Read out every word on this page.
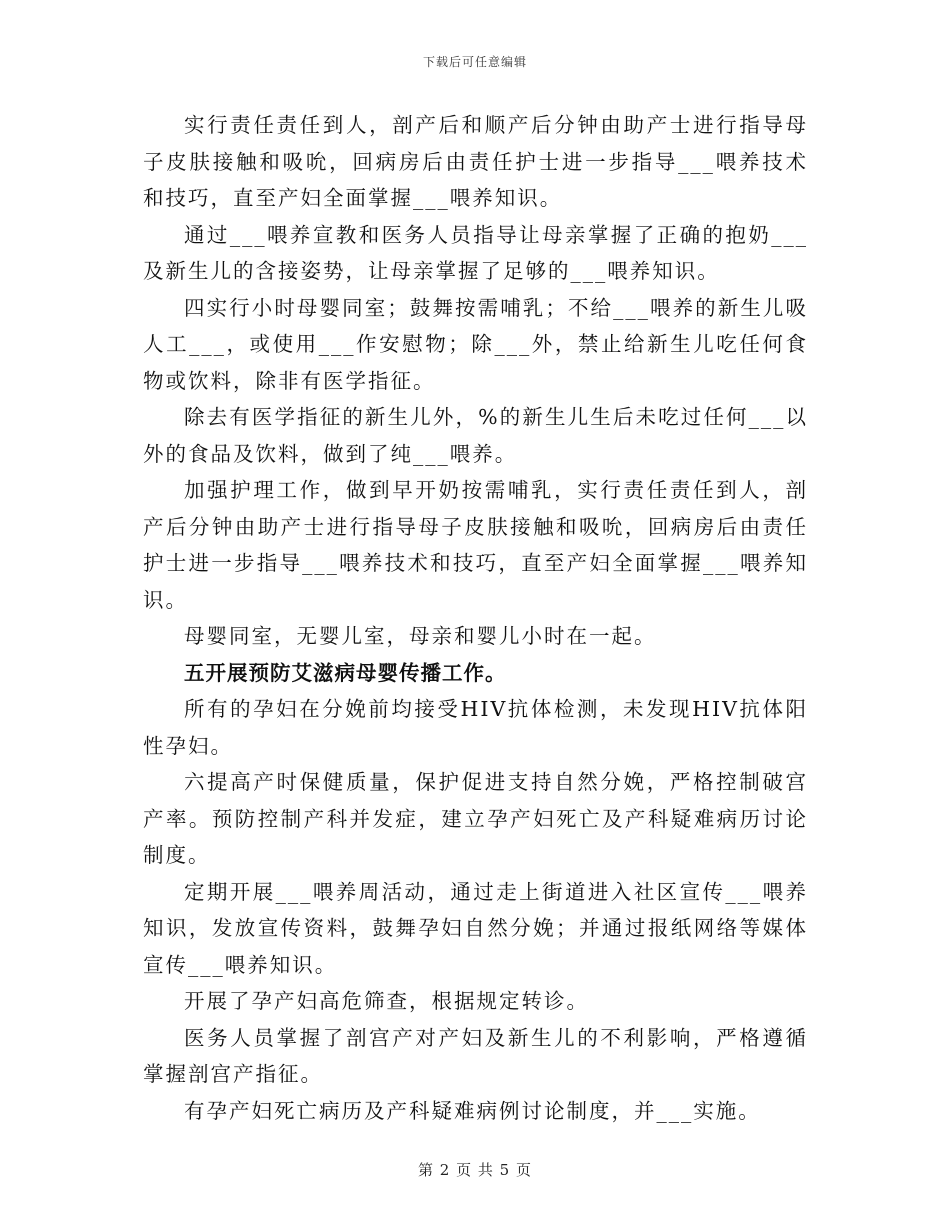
下载后可任意编辑

实行责任责任到人，剖产后和顺产后分钟由助产士进行指导母子皮肤接触和吸吮，回病房后由责任护士进一步指导___喂养技术和技巧，直至产妇全面掌握___喂养知识。

通过___喂养宣教和医务人员指导让母亲掌握了正确的抱奶___及新生儿的含接姿势，让母亲掌握了足够的___喂养知识。

四实行小时母婴同室；鼓舞按需哺乳；不给___喂养的新生儿吸人工___，或使用___作安慰物；除___外，禁止给新生儿吃任何食物或饮料，除非有医学指征。

除去有医学指征的新生儿外，%的新生儿生后未吃过任何___以外的食品及饮料，做到了纯___喂养。

加强护理工作，做到早开奶按需哺乳，实行责任责任到人，剖产后分钟由助产士进行指导母子皮肤接触和吸吮，回病房后由责任护士进一步指导___喂养技术和技巧，直至产妇全面掌握___喂养知识。

母婴同室，无婴儿室，母亲和婴儿小时在一起。

五开展预防艾滋病母婴传播工作。

所有的孕妇在分娩前均接受HIV抗体检测，未发现HIV抗体阳性孕妇。

六提高产时保健质量，保护促进支持自然分娩，严格控制破宫产率。预防控制产科并发症，建立孕产妇死亡及产科疑难病历讨论制度。

定期开展___喂养周活动，通过走上街道进入社区宣传___喂养知识，发放宣传资料，鼓舞孕妇自然分娩；并通过报纸网络等媒体宣传___喂养知识。

开展了孕产妇高危筛查，根据规定转诊。

医务人员掌握了剖宫产对产妇及新生儿的不利影响，严格遵循掌握剖宫产指征。

有孕产妇死亡病历及产科疑难病例讨论制度，并___实施。

第 2 页 共 5 页
